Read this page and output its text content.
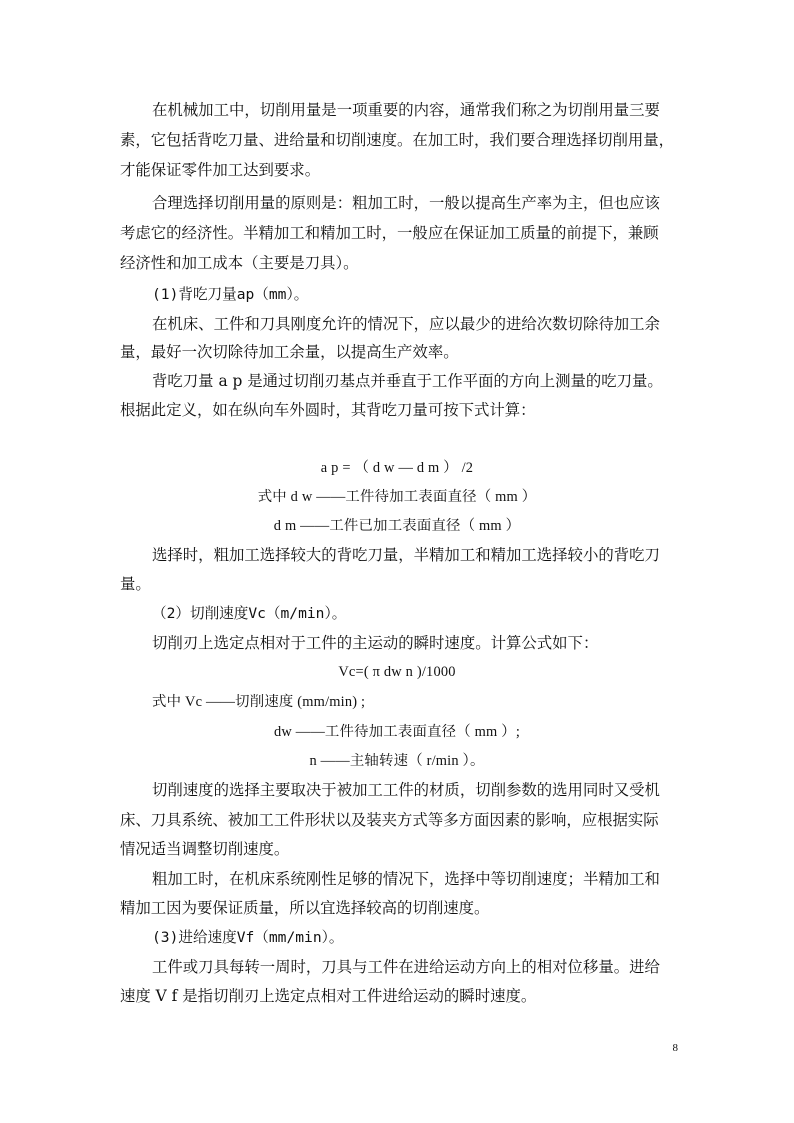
在机械加工中，切削用量是一项重要的内容，通常我们称之为切削用量三要
素，它包括背吃刀量、进给量和切削速度。在加工时，我们要合理选择切削用量，
才能保证零件加工达到要求。
合理选择切削用量的原则是：粗加工时，一般以提高生产率为主，但也应该
考虑它的经济性。半精加工和精加工时，一般应在保证加工质量的前提下，兼顾
经济性和加工成本（主要是刀具）。
(1)背吃刀量ap（mm）。
在机床、工件和刀具刚度允许的情况下，应以最少的进给次数切除待加工余
量，最好一次切除待加工余量，以提高生产效率。
背吃刀量 a p 是通过切削刃基点并垂直于工作平面的方向上测量的吃刀量。
根据此定义，如在纵向车外圆时，其背吃刀量可按下式计算：
a p = （ d w — d m ） /2
式中 d w ——工件待加工表面直径（ mm ）
d m ——工件已加工表面直径（ mm ）
选择时，粗加工选择较大的背吃刀量，半精加工和精加工选择较小的背吃刀
量。
（2）切削速度Vc（m/min）。
切削刃上选定点相对于工件的主运动的瞬时速度。计算公式如下：
Vc=( π dw n )/1000
式中 Vc ——切削速度 (mm/min) ;
dw ——工件待加工表面直径（ mm ）;
n ——主轴转速（ r/min ）。
切削速度的选择主要取决于被加工工件的材质，切削参数的选用同时又受机
床、刀具系统、被加工工件形状以及装夹方式等多方面因素的影响，应根据实际
情况适当调整切削速度。
粗加工时，在机床系统刚性足够的情况下，选择中等切削速度；半精加工和
精加工因为要保证质量，所以宜选择较高的切削速度。
(3)进给速度Vf（mm/min）。
工件或刀具每转一周时，刀具与工件在进给运动方向上的相对位移量。进给
速度 V f 是指切削刃上选定点相对工件进给运动的瞬时速度。
8
